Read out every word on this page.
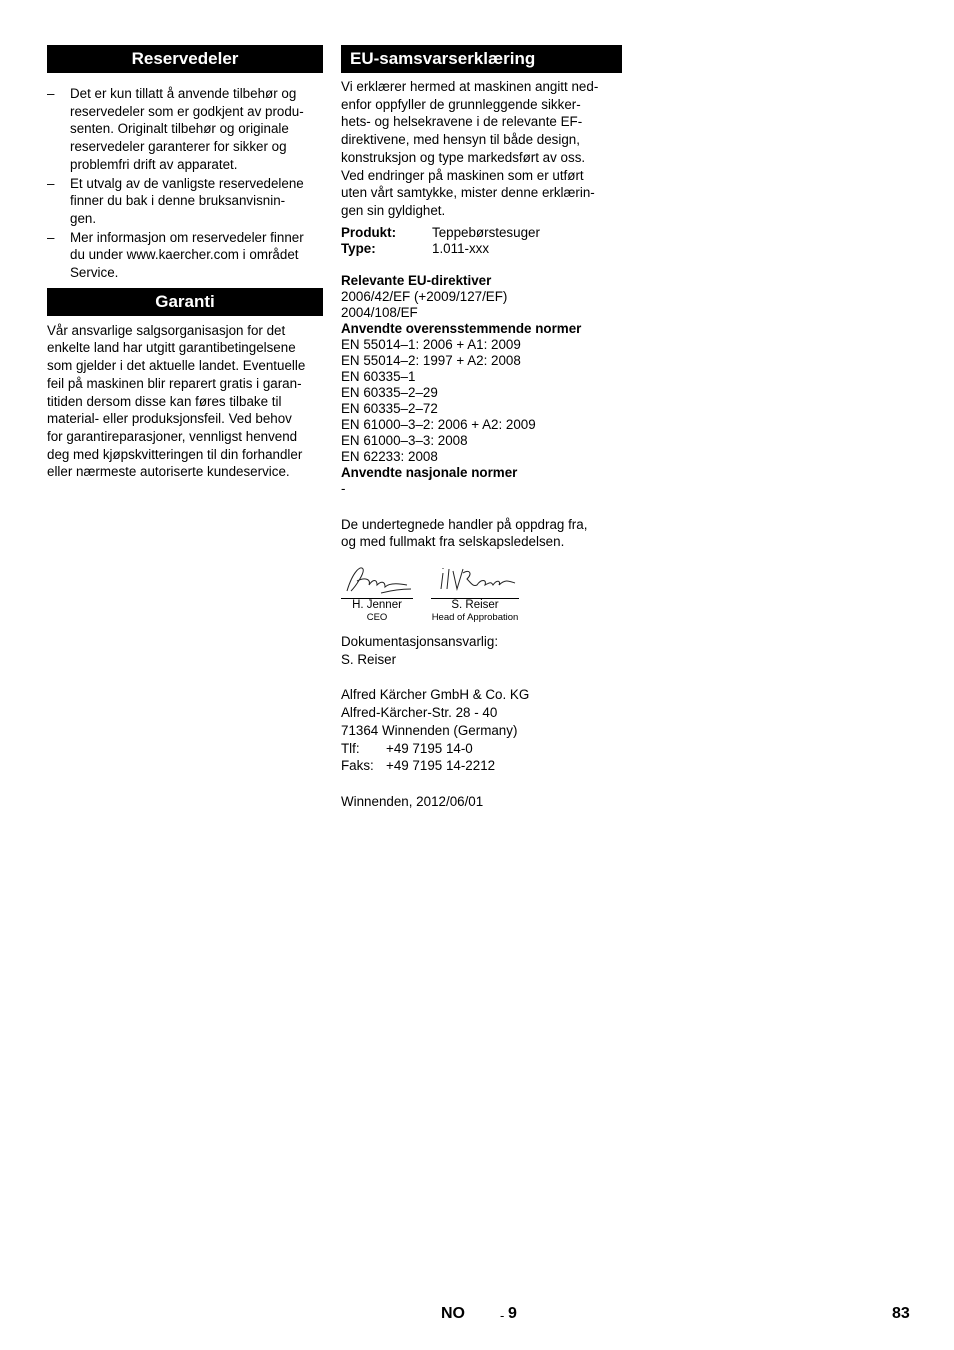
Reservedeler
– Det er kun tillatt å anvende tilbehør og
reservedeler som er godkjent av produ-
senten. Originalt tilbehør og originale
reservedeler garanterer for sikker og
problemfri drift av apparatet.
– Et utvalg av de vanligste reservedelene
finner du bak i denne bruksanvisnin-
gen.
– Mer informasjon om reservedeler finner
du under www.kaercher.com i området
Service.
Garanti

Vår ansvarlige salgsorganisasjon for det
enkelte land har utgitt garantibetingelsene
som gjelder i det aktuelle landet. Eventuelle
feil på maskinen blir reparert gratis i garan-
titiden dersom disse kan føres tilbake til
material- eller produksjonsfeil. Ved behov
for garantireparasjoner, vennligst henvend
deg med kjøpskvitteringen til din forhandler
eller nærmeste autoriserte kundeservice.

EU-samsvarserklæring

Vi erklærer hermed at maskinen angitt ned-
enfor oppfyller de grunnleggende sikker-
hets- og helsekravene i de relevante EF-
direktivene, med hensyn til både design,
konstruksjon og type markedsført av oss.
Ved endringer på maskinen som er utført
uten vårt samtykke, mister denne erklærin-
gen sin gyldighet.

Produkt:	Teppebørstesuger
Type:	1.011-xxx
Relevante EU-direktiver
2006/42/EF (+2009/127/EF)
2004/108/EF
Anvendte overensstemmende normer
EN 55014–1: 2006 + A1: 2009
EN 55014–2: 1997 + A2: 2008
EN 60335–1
EN 60335–2–29
EN 60335–2–72
EN 61000–3–2: 2006 + A2: 2009
EN 61000–3–3: 2008
EN 62233: 2008
Anvendte nasjonale normer
-

De undertegnede handler på oppdrag fra,
og med fullmakt fra selskapsledelsen.

H. Jenner
CEO
S. Reiser
Head of Approbation

Dokumentasjonsansvarlig:
S. Reiser

Alfred Kärcher GmbH & Co. KG
Alfred-Kärcher-Str. 28 - 40
71364 Winnenden (Germany)
Tlf: +49 7195 14-0
Faks: +49 7195 14-2212

Winnenden, 2012/06/01

NO	- 9	83
